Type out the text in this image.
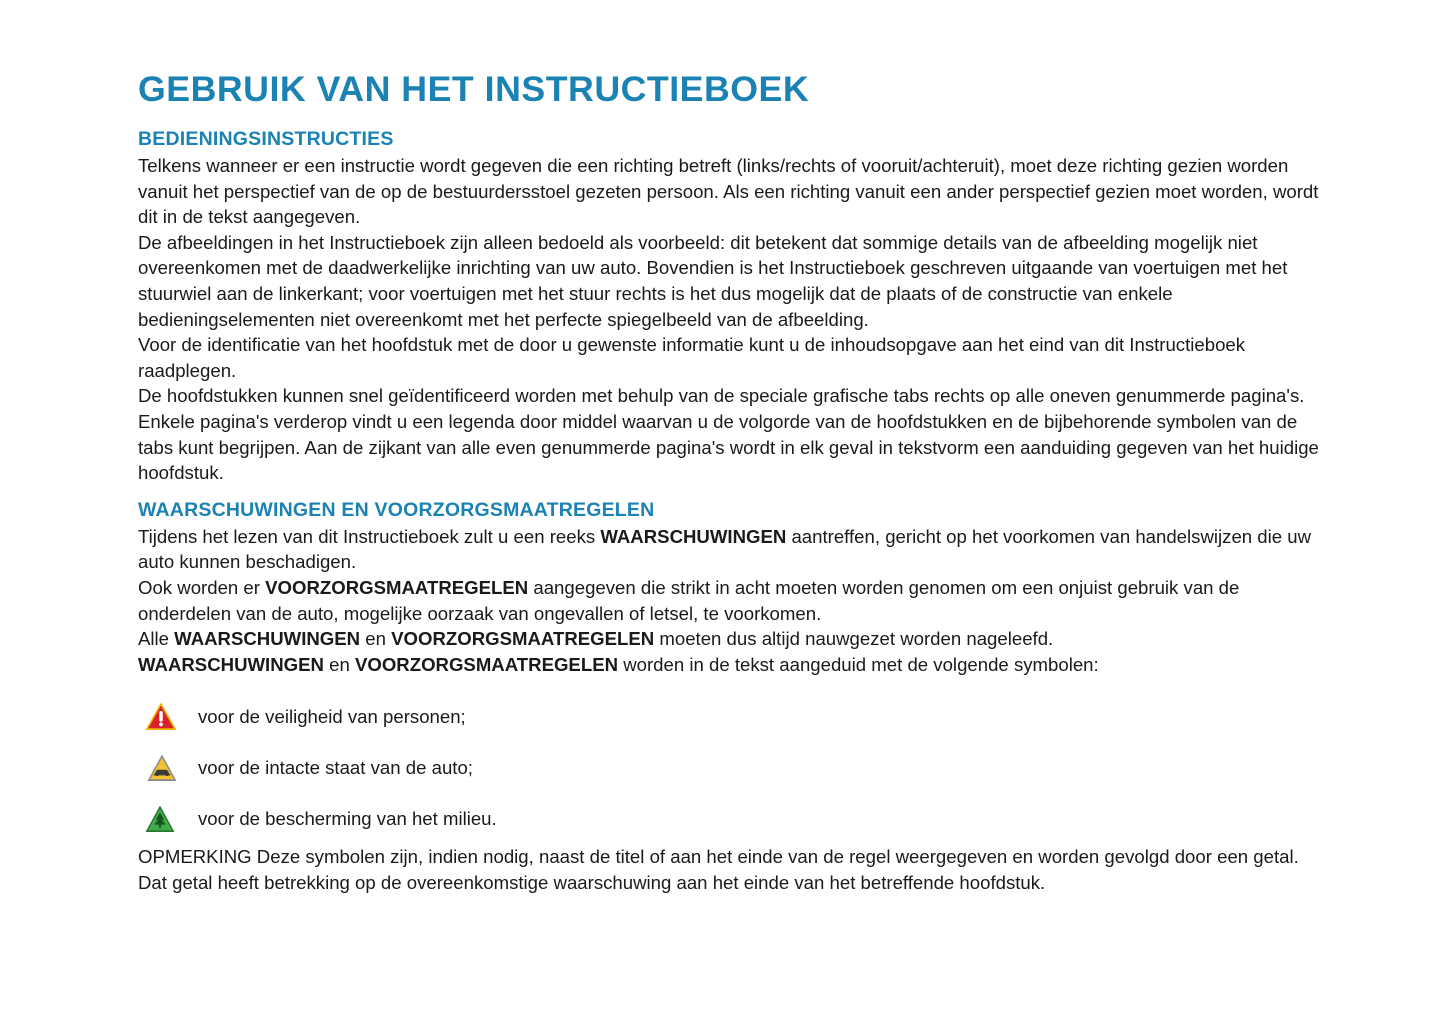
GEBRUIK VAN HET INSTRUCTIEBOEK
BEDIENINGSINSTRUCTIES

Telkens wanneer er een instructie wordt gegeven die een richting betreft (links/rechts of vooruit/achteruit), moet deze richting gezien worden vanuit het perspectief van de op de bestuurdersstoel gezeten persoon. Als een richting vanuit een ander perspectief gezien moet worden, wordt dit in de tekst aangegeven.

De afbeeldingen in het Instructieboek zijn alleen bedoeld als voorbeeld: dit betekent dat sommige details van de afbeelding mogelijk niet overeenkomen met de daadwerkelijke inrichting van uw auto. Bovendien is het Instructieboek geschreven uitgaande van voertuigen met het stuurwiel aan de linkerkant; voor voertuigen met het stuur rechts is het dus mogelijk dat de plaats of de constructie van enkele bedieningselementen niet overeenkomt met het perfecte spiegelbeeld van de afbeelding.

Voor de identificatie van het hoofdstuk met de door u gewenste informatie kunt u de inhoudsopgave aan het eind van dit Instructieboek raadplegen.

De hoofdstukken kunnen snel geïdentificeerd worden met behulp van de speciale grafische tabs rechts op alle oneven genummerde pagina's. Enkele pagina's verderop vindt u een legenda door middel waarvan u de volgorde van de hoofdstukken en de bijbehorende symbolen van de tabs kunt begrijpen. Aan de zijkant van alle even genummerde pagina's wordt in elk geval in tekstvorm een aanduiding gegeven van het huidige hoofdstuk.

WAARSCHUWINGEN EN VOORZORGSMAATREGELEN

Tijdens het lezen van dit Instructieboek zult u een reeks WAARSCHUWINGEN aantreffen, gericht op het voorkomen van handelswijzen die uw auto kunnen beschadigen.

Ook worden er VOORZORGSMAATREGELEN aangegeven die strikt in acht moeten worden genomen om een onjuist gebruik van de onderdelen van de auto, mogelijke oorzaak van ongevallen of letsel, te voorkomen.

Alle WAARSCHUWINGEN en VOORZORGSMAATREGELEN moeten dus altijd nauwgezet worden nageleefd.

WAARSCHUWINGEN en VOORZORGSMAATREGELEN worden in de tekst aangeduid met de volgende symbolen:

voor de veiligheid van personen;
voor de intacte staat van de auto;
voor de bescherming van het milieu.

OPMERKING Deze symbolen zijn, indien nodig, naast de titel of aan het einde van de regel weergegeven en worden gevolgd door een getal. Dat getal heeft betrekking op de overeenkomstige waarschuwing aan het einde van het betreffende hoofdstuk.
